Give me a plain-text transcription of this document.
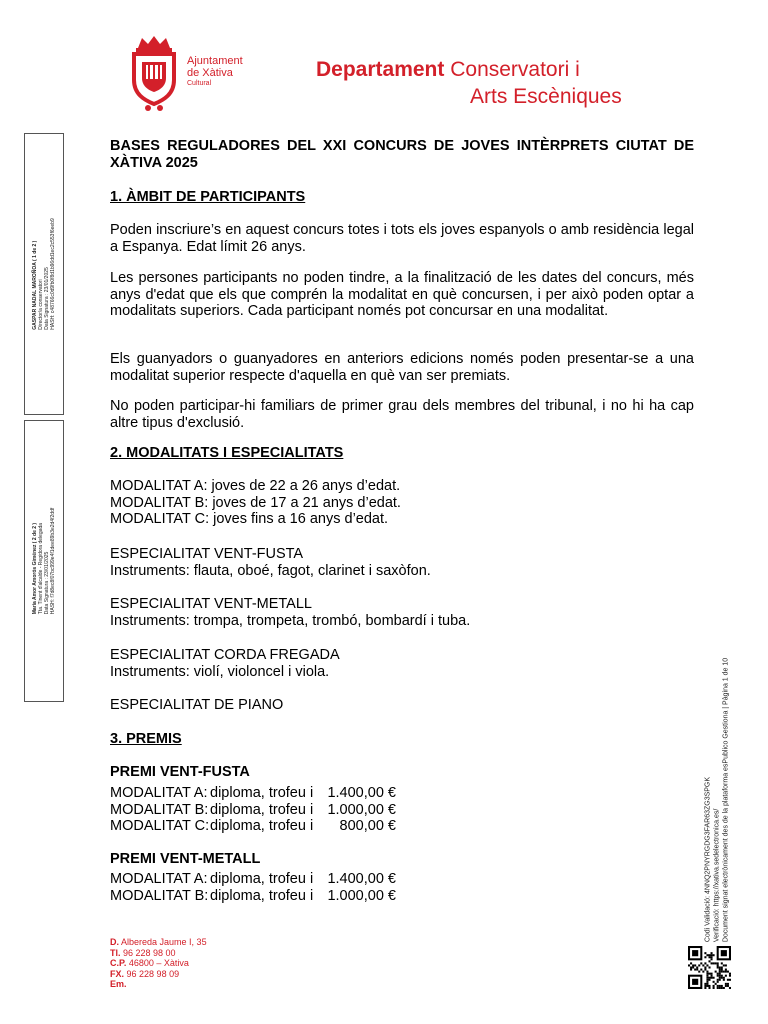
Ajuntament
de Xàtiva
Cultural
Departament Conservatori i
Arts Escèniques
GASPAR NADAL MAROÑOA ( 1 de 2 ) Director/a conservatori Data Signatura : 23/01/2025 HASH: c48766c0d9fb0f8d1b96dd1ec2c553f6eeb9
María Amor Amorós Giménez ( 2 de 2 ) Tta. Tinent d'alcalde - Regidora delegada Data Signatura : 23/01/2025 HASH: f7d8ec8f07bc999e4f1dee89b3e2d4f2ddf
Codi Validació: 4NNQ2PNYRGDG3FAR63ZG3SPGK Verificació: https://xativa.sedelectronica.es/ Document signat electrònicament des de la plataforma esPublico Gestiona | Pàgina 1 de 10
BASES REGULADORES DEL XXI CONCURS DE JOVES INTÈRPRETS CIUTAT DE XÀTIVA 2025
1. ÀMBIT DE PARTICIPANTS
Poden inscriure’s en aquest concurs totes i tots els joves espanyols o amb residència legal a Espanya. Edat límit 26 anys.
Les persones participants no poden tindre, a la finalització de les dates del concurs, més anys d'edat que els que comprén la modalitat en què concursen, i per això poden optar a modalitats superiors. Cada participant només pot concursar en una modalitat.
Els guanyadors o guanyadores en anteriors edicions només poden presentar-se a una modalitat superior respecte d'aquella en què van ser premiats.
No poden participar-hi familiars de primer grau dels membres del tribunal, i no hi ha cap altre tipus d'exclusió.
2. MODALITATS I ESPECIALITATS
MODALITAT A: joves de 22 a 26 anys d’edat.
MODALITAT B: joves de 17 a 21 anys d’edat.
MODALITAT C: joves fins a 16 anys d’edat.
ESPECIALITAT VENT-FUSTA
Instruments: flauta, oboé, fagot, clarinet i saxòfon.
ESPECIALITAT VENT-METALL
Instruments: trompa, trompeta, trombó, bombardí i tuba.
ESPECIALITAT CORDA FREGADA
Instruments: violí, violoncel i viola.
ESPECIALITAT DE PIANO
3. PREMIS
PREMI VENT-FUSTA
MODALITAT A: diploma, trofeu i 1.400,00 €
MODALITAT B: diploma, trofeu i 1.000,00 €
MODALITAT C: diploma, trofeu i	800,00 €
PREMI VENT-METALL
MODALITAT A: diploma, trofeu i 1.400,00 €
MODALITAT B: diploma, trofeu i 1.000,00 €
D. Albereda Jaume I, 35
Tl. 96 228 98 00
C.P. 46800 – Xàtiva
FX. 96 228 98 09
Em.
